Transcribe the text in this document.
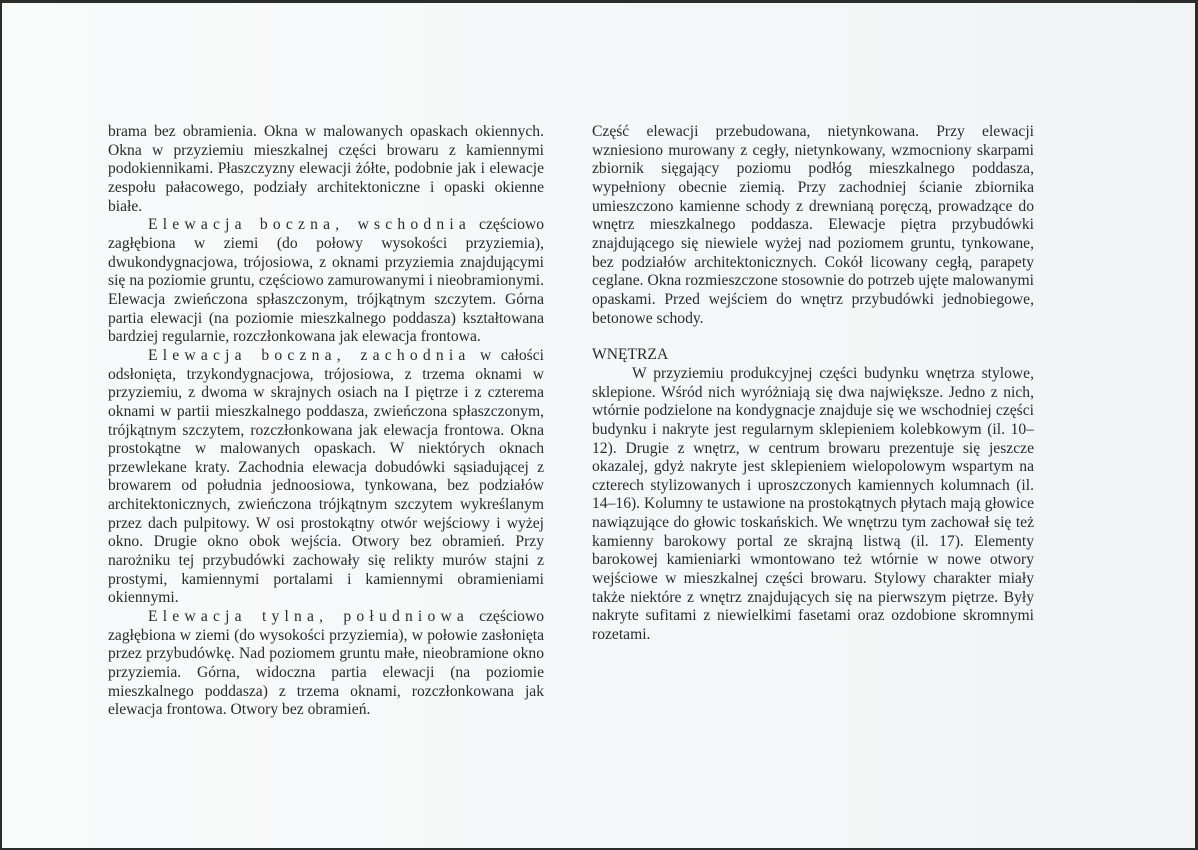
brama bez obramienia. Okna w malowanych opaskach okiennych. Okna w przyziemiu mieszkalnej części browaru z kamiennymi podokiennikami. Płaszczyzny elewacji żółte, podobnie jak i elewacje zespołu pałacowego, podziały architektoniczne i opaski okienne białe.

Elewacja boczna, wschodnia częściowo zagłębiona w ziemi (do połowy wysokości przyziemia), dwukondygnacjowa, trójosiowa, z oknami przyziemia znajdującymi się na poziomie gruntu, częściowo zamurowanymi i nieobramionymi. Elewacja zwieńczona spłaszczonym, trójkątnym szczytem. Górna partia elewacji (na poziomie mieszkalnego poddasza) kształtowana bardziej regularnie, rozczłonkowana jak elewacja frontowa.

Elewacja boczna, zachodnia w całości odsłonięta, trzykondygnacjowa, trójosiowa, z trzema oknami w przyziemiu, z dwoma w skrajnych osiach na I piętrze i z czterema oknami w partii mieszkalnego poddasza, zwieńczona spłaszczonym, trójkątnym szczytem, rozczłonkowana jak elewacja frontowa. Okna prostokątne w malowanych opaskach. W niektórych oknach przewlekane kraty. Zachodnia elewacja dobudówki sąsiadującej z browarem od południa jednoosiowa, tynkowana, bez podziałów architektonicznych, zwieńczona trójkątnym szczytem wykreślanym przez dach pulpitowy. W osi prostokątny otwór wejściowy i wyżej okno. Drugie okno obok wejścia. Otwory bez obramień. Przy narożniku tej przybudówki zachowały się relikty murów stajni z prostymi, kamiennymi portalami i kamiennymi obramieniami okiennymi.

Elewacja tylna, południowa częściowo zagłębiona w ziemi (do wysokości przyziemia), w połowie zasłonięta przez przybudówkę. Nad poziomem gruntu małe, nieobramione okno przyziemia. Górna, widoczna partia elewacji (na poziomie mieszkalnego poddasza) z trzema oknami, rozczłonkowana jak elewacja frontowa. Otwory bez obramień.

Część elewacji przebudowana, nietynkowana. Przy elewacji wzniesiono murowany z cegły, nietynkowany, wzmocniony skarpami zbiornik sięgający poziomu podłóg mieszkalnego poddasza, wypełniony obecnie ziemią. Przy zachodniej ścianie zbiornika umieszczono kamienne schody z drewnianą poręczą, prowadzące do wnętrz mieszkalnego poddasza. Elewacje piętra przybudówki znajdującego się niewiele wyżej nad poziomem gruntu, tynkowane, bez podziałów architektonicznych. Cokół licowany cegłą, parapety ceglane. Okna rozmieszczone stosownie do potrzeb ujęte malowanymi opaskami. Przed wejściem do wnętrz przybudówki jednobiegowe, betonowe schody.

WNĘTRZA

W przyziemiu produkcyjnej części budynku wnętrza stylowe, sklepione. Wśród nich wyróżniają się dwa największe. Jedno z nich, wtórnie podzielone na kondygnacje znajduje się we wschodniej części budynku i nakryte jest regularnym sklepieniem kolebkowym (il. 10–12). Drugie z wnętrz, w centrum browaru prezentuje się jeszcze okazalej, gdyż nakryte jest sklepieniem wielopolowym wspartym na czterech stylizowanych i uproszczonych kamiennych kolumnach (il. 14–16). Kolumny te ustawione na prostokątnych płytach mają głowice nawiązujące do głowic toskańskich. We wnętrzu tym zachował się też kamienny barokowy portal ze skrajną listwą (il. 17). Elementy barokowej kamieniarki wmontowano też wtórnie w nowe otwory wejściowe w mieszkalnej części browaru. Stylowy charakter miały także niektóre z wnętrz znajdujących się na pierwszym piętrze. Były nakryte sufitami z niewielkimi fasetami oraz ozdobione skromnymi rozetami.
